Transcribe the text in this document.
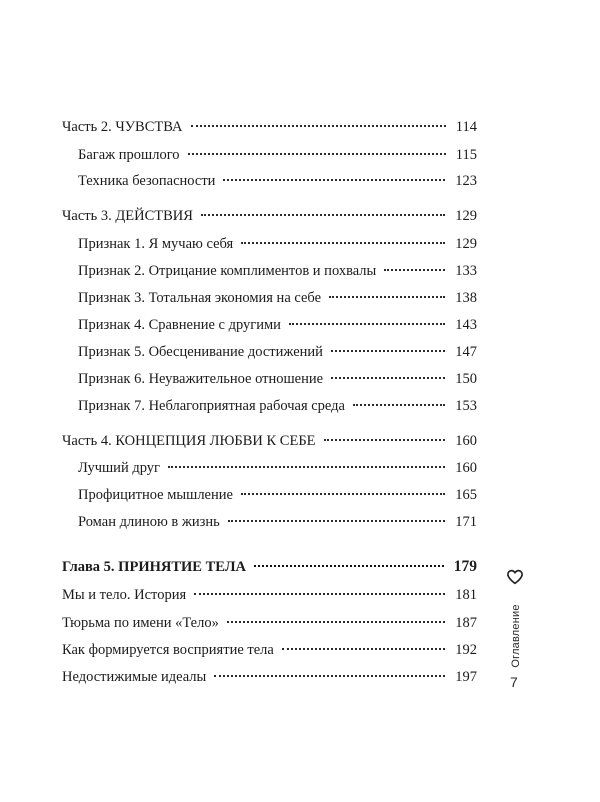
Часть 2. ЧУВСТВА	114
Багаж прошлого	115
Техника безопасности	123
Часть 3. ДЕЙСТВИЯ	129
Признак 1. Я мучаю себя	129
Признак 2. Отрицание комплиментов и похвалы	133
Признак 3. Тотальная экономия на себе	138
Признак 4. Сравнение с другими	143
Признак 5. Обесценивание достижений	147
Признак 6. Неуважительное отношение	150
Признак 7. Неблагоприятная рабочая среда	153
Часть 4. КОНЦЕПЦИЯ ЛЮБВИ К СЕБЕ	160
Лучший друг	160
Профицитное мышление	165
Роман длиною в жизнь	171
Глава 5. ПРИНЯТИЕ ТЕЛА	179
Мы и тело. История	181
Тюрьма по имени «Тело»	187
Как формируется восприятие тела	192
Недостижимые идеалы	197
Оглавление
7
